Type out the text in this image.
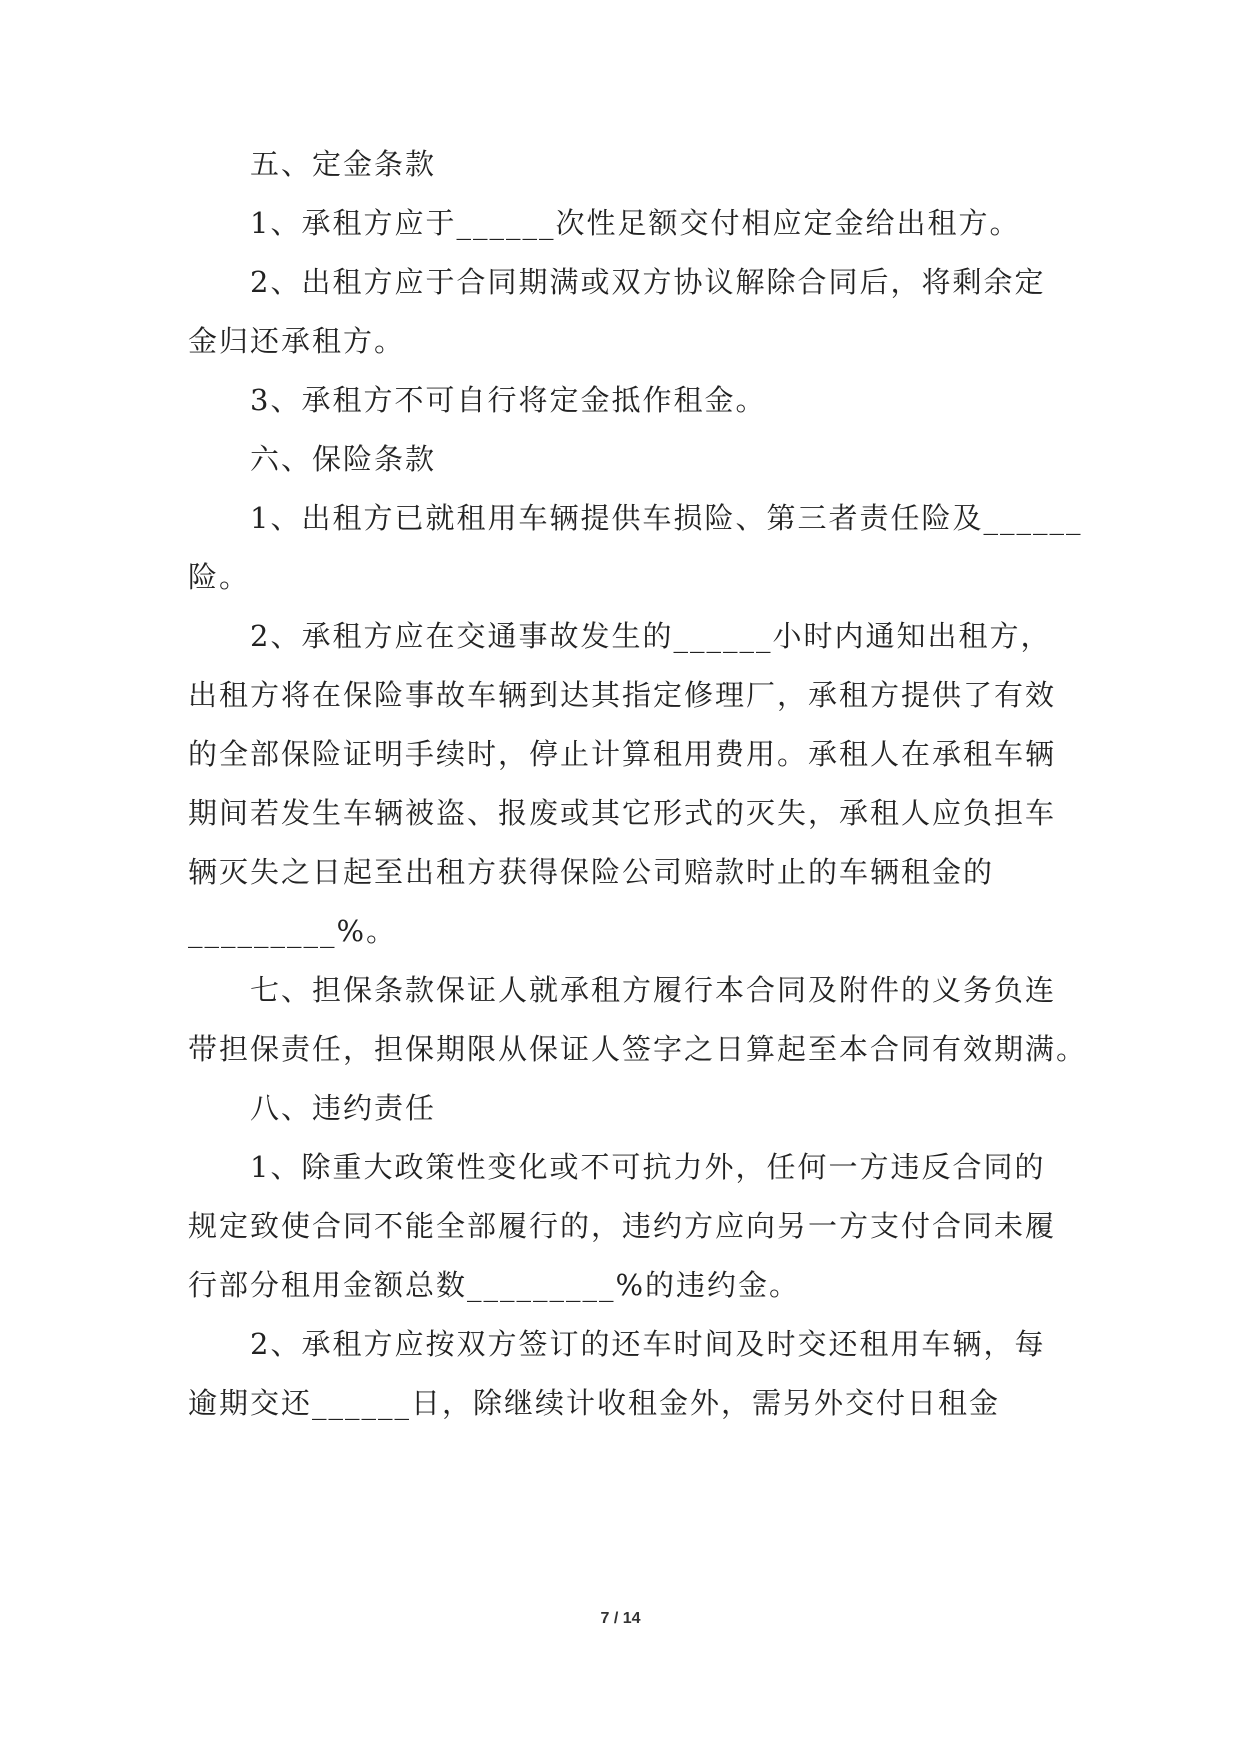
五、定金条款
1、承租方应于______次性足额交付相应定金给出租方。
2、出租方应于合同期满或双方协议解除合同后，将剩余定
金归还承租方。
3、承租方不可自行将定金抵作租金。
六、保险条款
1、出租方已就租用车辆提供车损险、第三者责任险及______
险。
2、承租方应在交通事故发生的______小时内通知出租方，
出租方将在保险事故车辆到达其指定修理厂，承租方提供了有效
的全部保险证明手续时，停止计算租用费用。承租人在承租车辆
期间若发生车辆被盗、报废或其它形式的灭失，承租人应负担车
辆灭失之日起至出租方获得保险公司赔款时止的车辆租金的
_________%。
七、担保条款保证人就承租方履行本合同及附件的义务负连
带担保责任，担保期限从保证人签字之日算起至本合同有效期满。
八、违约责任
1、除重大政策性变化或不可抗力外，任何一方违反合同的
规定致使合同不能全部履行的，违约方应向另一方支付合同未履
行部分租用金额总数_________%的违约金。
2、承租方应按双方签订的还车时间及时交还租用车辆，每
逾期交还______日，除继续计收租金外，需另外交付日租金
7 / 14
